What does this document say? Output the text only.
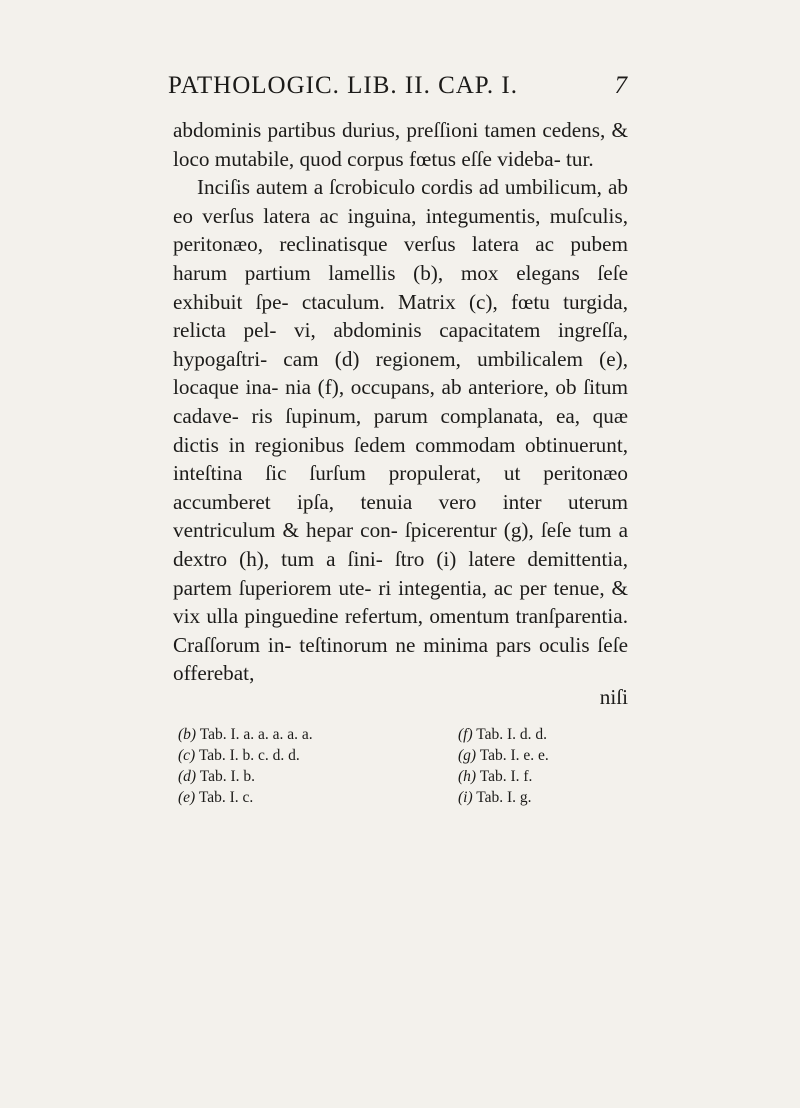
PATHOLOGIC. LIB. II. CAP. I.	7

abdominis partibus durius, preſſioni tamen cedens, & loco mutabile, quod corpus fœtus eſſe videba- tur.

Inciſis autem a ſcrobiculo cordis ad umbilicum, ab eo verſus latera ac inguina, integumentis, muſculis, peritonæo, reclinatisque verſus latera ac pubem harum partium lamellis (b), mox elegans ſeſe exhibuit ſpe- ctaculum. Matrix (c), fœtu turgida, relicta pel- vi, abdominis capacitatem ingreſſa, hypogaſtri- cam (d) regionem, umbilicalem (e), locaque ina- nia (f), occupans, ab anteriore, ob ſitum cadave- ris ſupinum, parum complanata, ea, quæ dictis in regionibus ſedem commodam obtinuerunt, inteſtina ſic ſurſum propulerat, ut peritonæo accumberet ipſa, tenuia vero inter uterum ventriculum & hepar con- ſpicerentur (g), ſeſe tum a dextro (h), tum a ſini- ſtro (i) latere demittentia, partem ſuperiorem ute- ri integentia, ac per tenue, & vix ulla pinguedine refertum, omentum tranſparentia. Craſſorum in- teſtinorum ne minima pars oculis ſeſe offerebat,

niſi
(b) Tab. I. a. a. a. a. a.
(c) Tab. I. b. c. d. d.
(d) Tab. I. b.
(e) Tab. I. c.
(f) Tab. I. d. d.
(g) Tab. I. e. e.
(h) Tab. I. f.
(i) Tab. I. g.
